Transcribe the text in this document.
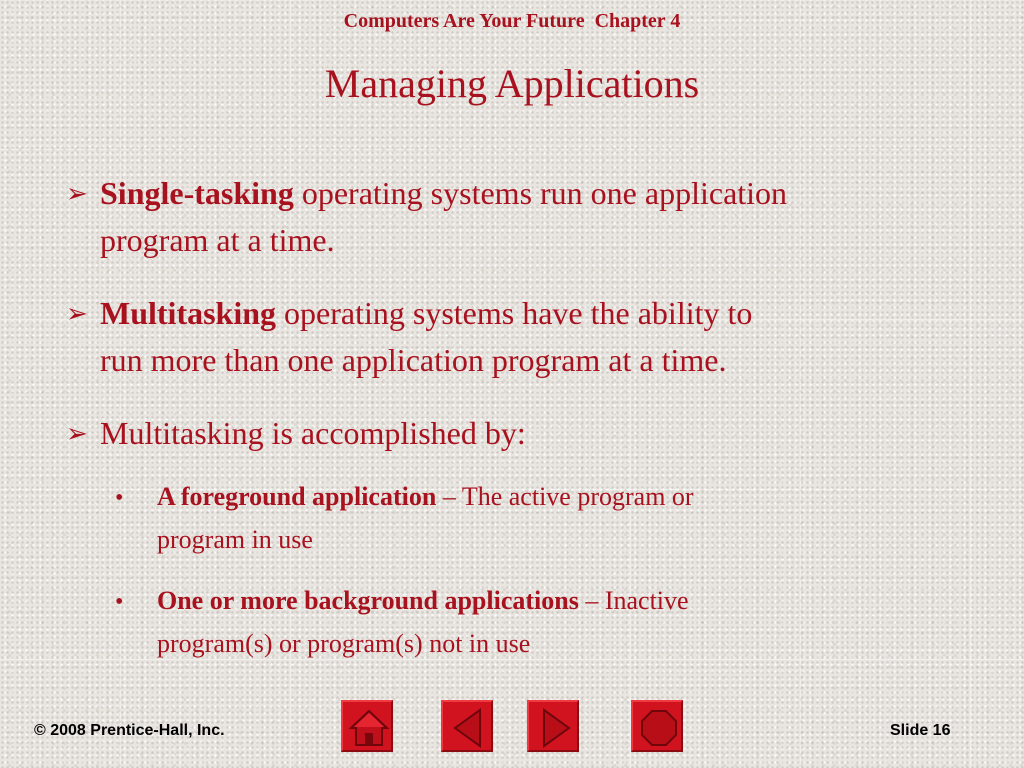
Computers Are Your Future  Chapter 4
Managing Applications
➢ Single-tasking operating systems run one application
program at a time.
➢ Multitasking operating systems have the ability to
run more than one application program at a time.
➢ Multitasking is accomplished by:
• A foreground application – The active program or
program in use
• One or more background applications – Inactive
program(s) or program(s) not in use
© 2008 Prentice-Hall, Inc.	Slide 16
